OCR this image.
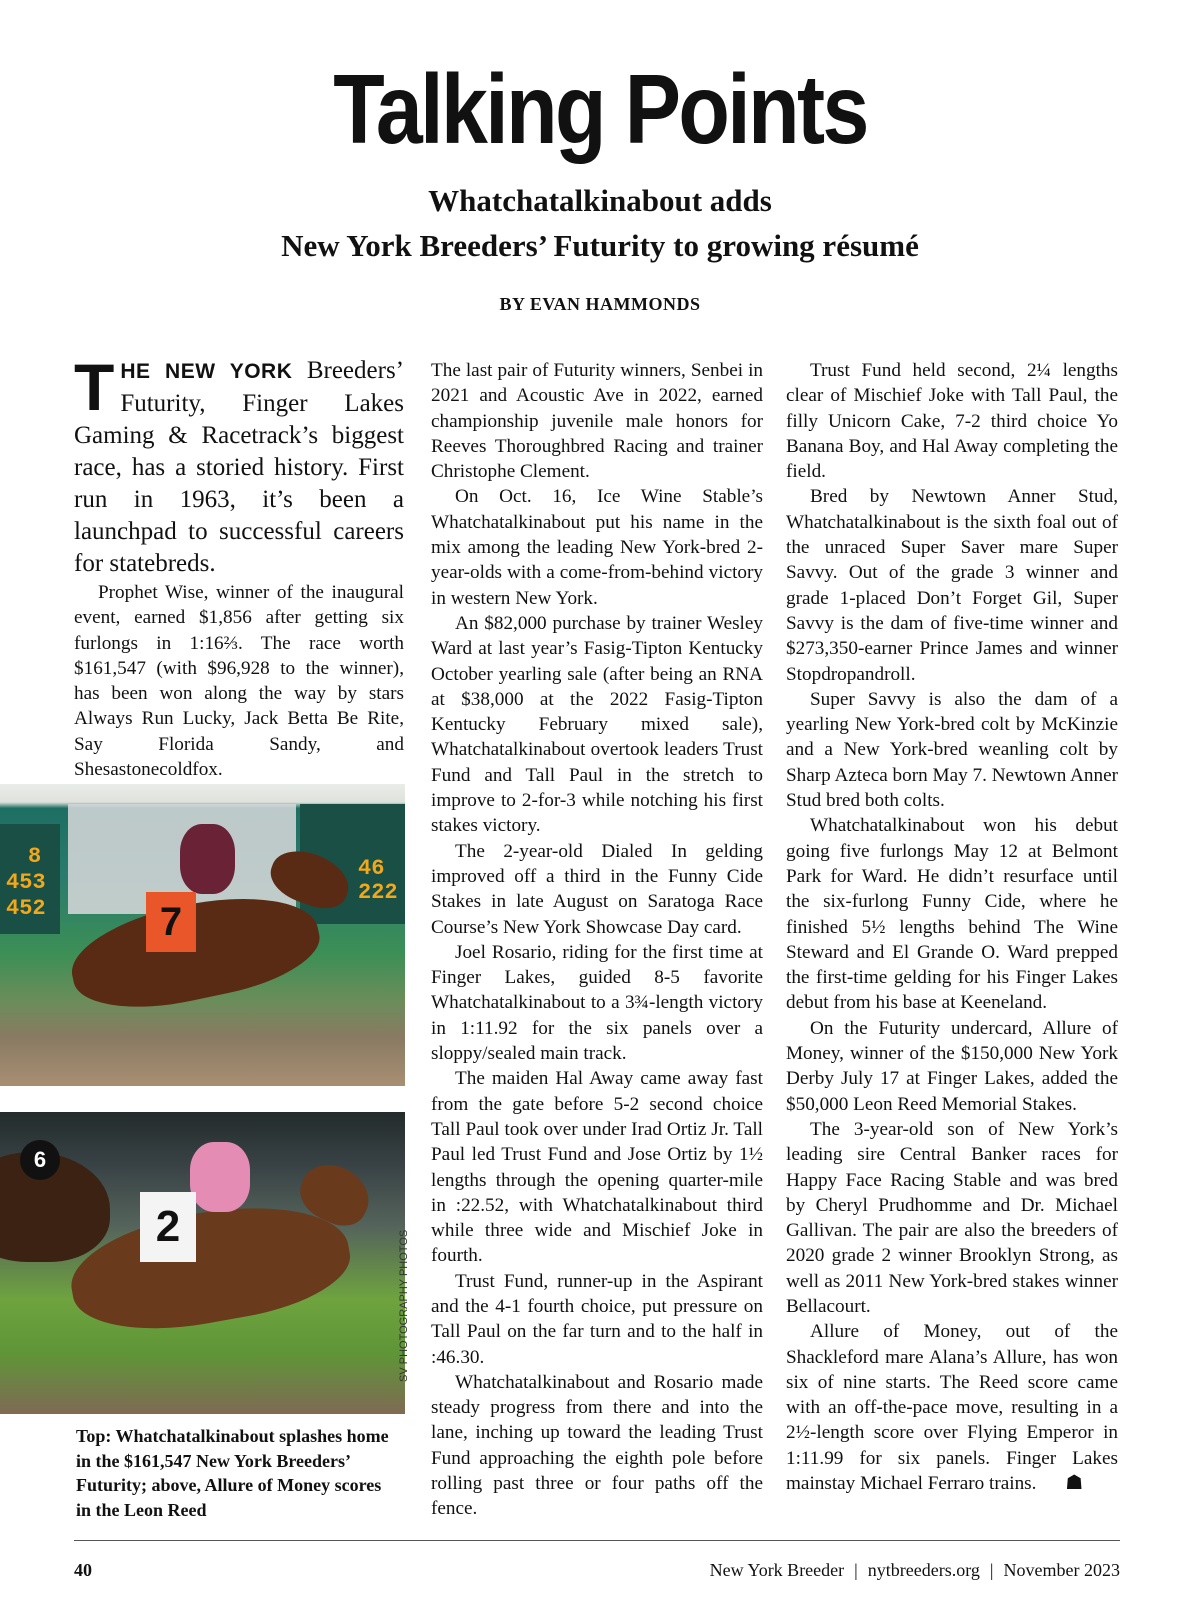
Talking Points
Whatchatalkinabout adds
New York Breeders’ Futurity to growing résumé
BY EVAN HAMMONDS

THE NEW YORK Breeders’ Futurity, Finger Lakes Gaming & Racetrack’s biggest race, has a storied history. First run in 1963, it’s been a launchpad to successful careers for statebreds.

Prophet Wise, winner of the inaugural event, earned $1,856 after getting six furlongs in 1:16⅔. The race worth $161,547 (with $96,928 to the winner), has been won along the way by stars Always Run Lucky, Jack Betta Be Rite, Say Florida Sandy, and Shesastonecoldfox.

8
453
452
46
222
7
6
2
SV PHOTOGRAPHY PHOTOS
Top: Whatchatalkinabout splashes home in the $161,547 New York Breeders’ Futurity; above, Allure of Money scores in the Leon Reed

The last pair of Futurity winners, Senbei in 2021 and Acoustic Ave in 2022, earned championship juvenile male honors for Reeves Thoroughbred Racing and trainer Christophe Clement.

On Oct. 16, Ice Wine Stable’s Whatchatalkinabout put his name in the mix among the leading New York-bred 2-year-olds with a come-from-behind victory in western New York.

An $82,000 purchase by trainer Wesley Ward at last year’s Fasig-Tipton Kentucky October yearling sale (after being an RNA at $38,000 at the 2022 Fasig-Tipton Kentucky February mixed sale), Whatchatalkinabout overtook leaders Trust Fund and Tall Paul in the stretch to improve to 2-for-3 while notching his first stakes victory.

The 2-year-old Dialed In gelding improved off a third in the Funny Cide Stakes in late August on Saratoga Race Course’s New York Showcase Day card.

Joel Rosario, riding for the first time at Finger Lakes, guided 8-5 favorite Whatchatalkinabout to a 3¾-length victory in 1:11.92 for the six panels over a sloppy/sealed main track.

The maiden Hal Away came away fast from the gate before 5-2 second choice Tall Paul took over under Irad Ortiz Jr. Tall Paul led Trust Fund and Jose Ortiz by 1½ lengths through the opening quarter-mile in :22.52, with Whatchatalkinabout third while three wide and Mischief Joke in fourth.

Trust Fund, runner-up in the Aspirant and the 4-1 fourth choice, put pressure on Tall Paul on the far turn and to the half in :46.30.

Whatchatalkinabout and Rosario made steady progress from there and into the lane, inching up toward the leading Trust Fund approaching the eighth pole before rolling past three or four paths off the fence.

Trust Fund held second, 2¼ lengths clear of Mischief Joke with Tall Paul, the filly Unicorn Cake, 7-2 third choice Yo Banana Boy, and Hal Away completing the field.

Bred by Newtown Anner Stud, Whatchatalkinabout is the sixth foal out of the unraced Super Saver mare Super Savvy. Out of the grade 3 winner and grade 1-placed Don’t Forget Gil, Super Savvy is the dam of five-time winner and $273,350-earner Prince James and winner Stopdropandroll.

Super Savvy is also the dam of a yearling New York-bred colt by McKinzie and a New York-bred weanling colt by Sharp Azteca born May 7. Newtown Anner Stud bred both colts.

Whatchatalkinabout won his debut going five furlongs May 12 at Belmont Park for Ward. He didn’t resurface until the six-furlong Funny Cide, where he finished 5½ lengths behind The Wine Steward and El Grande O. Ward prepped the first-time gelding for his Finger Lakes debut from his base at Keeneland.

On the Futurity undercard, Allure of Money, winner of the $150,000 New York Derby July 17 at Finger Lakes, added the $50,000 Leon Reed Memorial Stakes.

The 3-year-old son of New York’s leading sire Central Banker races for Happy Face Racing Stable and was bred by Cheryl Prudhomme and Dr. Michael Gallivan. The pair are also the breeders of 2020 grade 2 winner Brooklyn Strong, as well as 2011 New York-bred stakes winner Bellacourt.

Allure of Money, out of the Shackleford mare Alana’s Allure, has won six of nine starts. The Reed score came with an off-the-pace move, resulting in a 2½-length score over Flying Emperor in 1:11.99 for six panels. Finger Lakes mainstay Michael Ferraro trains. ☗

40	New York Breeder | nytbreeders.org | November 2023
